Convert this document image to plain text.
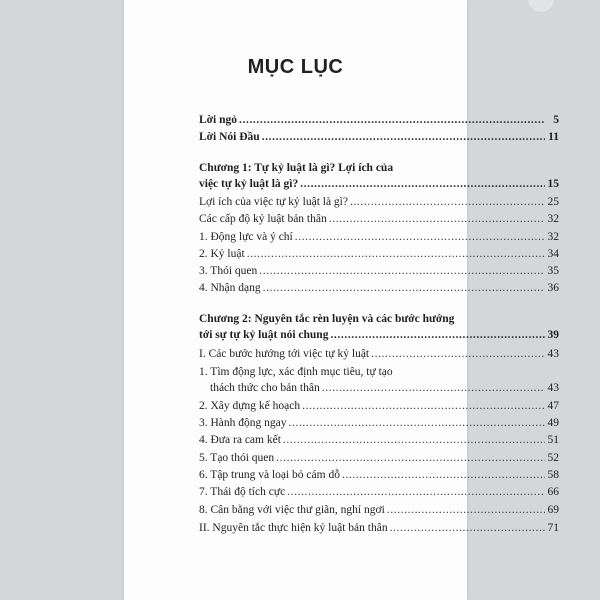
MỤC LỤC
Lời ngỏ .....	5
Lời Nói Đầu .....	11
Chương 1: Tự kỷ luật là gì? Lợi ích của
việc tự kỷ luật là gì? .....	15
Lợi ích của việc tự kỷ luật là gì? .....	25
Các cấp độ kỷ luật bản thân .....	32
1. Động lực và ý chí .....	32
2. Kỷ luật .....	34
3. Thói quen .....	35
4. Nhận dạng .....	36
Chương 2: Nguyên tắc rèn luyện và các bước hướng
tới sự tự kỷ luật nói chung .....	39
I. Các bước hướng tới việc tự kỷ luật .....	43
1. Tìm động lực, xác định mục tiêu, tự tạo
thách thức cho bản thân .....	43
2. Xây dựng kế hoạch .....	47
3. Hành động ngay .....	49
4. Đưa ra cam kết .....	51
5. Tạo thói quen .....	52
6. Tập trung và loại bỏ cám dỗ .....	58
7. Thái độ tích cực .....	66
8. Cân bằng với việc thư giãn, nghỉ ngơi .....	69
II. Nguyên tắc thực hiện kỷ luật bản thân .....	71
